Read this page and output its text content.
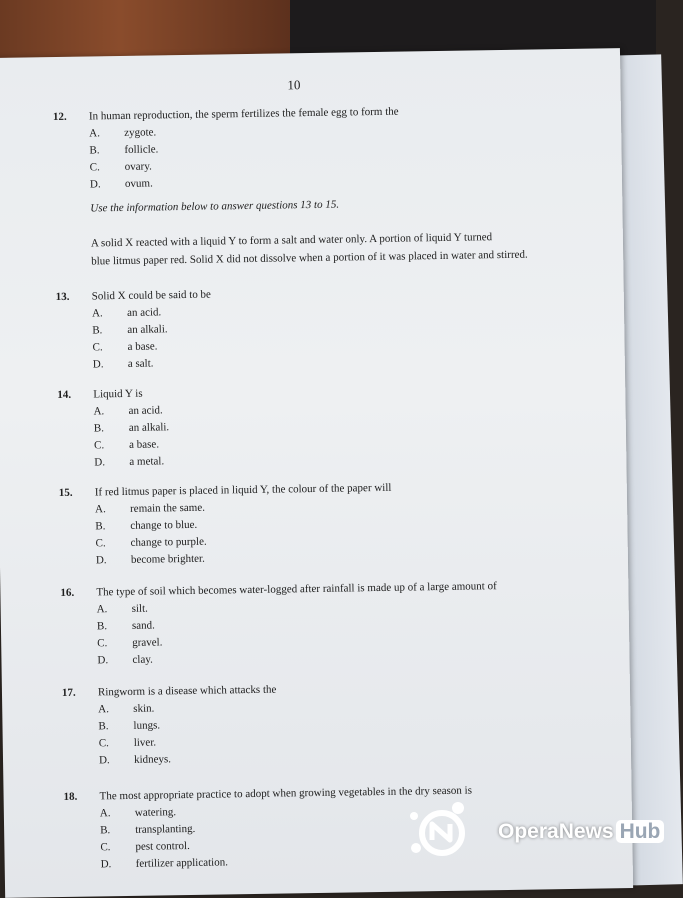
10
12. In human reproduction, the sperm fertilizes the female egg to form the
A. zygote.
B. follicle.
C. ovary.
D. ovum.
Use the information below to answer questions 13 to 15.
A solid X reacted with a liquid Y to form a salt and water only. A portion of liquid Y turned
blue litmus paper red. Solid X did not dissolve when a portion of it was placed in water and stirred.
13. Solid X could be said to be
A. an acid.
B. an alkali.
C. a base.
D. a salt.
14. Liquid Y is
A. an acid.
B. an alkali.
C. a base.
D. a metal.
15. If red litmus paper is placed in liquid Y, the colour of the paper will
A. remain the same.
B. change to blue.
C. change to purple.
D. become brighter.
16. The type of soil which becomes water-logged after rainfall is made up of a large amount of
A. silt.
B. sand.
C. gravel.
D. clay.
17. Ringworm is a disease which attacks the
A. skin.
B. lungs.
C. liver.
D. kidneys.
18. The most appropriate practice to adopt when growing vegetables in the dry season is
A. watering.
B. transplanting.
C. pest control.
D. fertilizer application.
OperaNews Hub
